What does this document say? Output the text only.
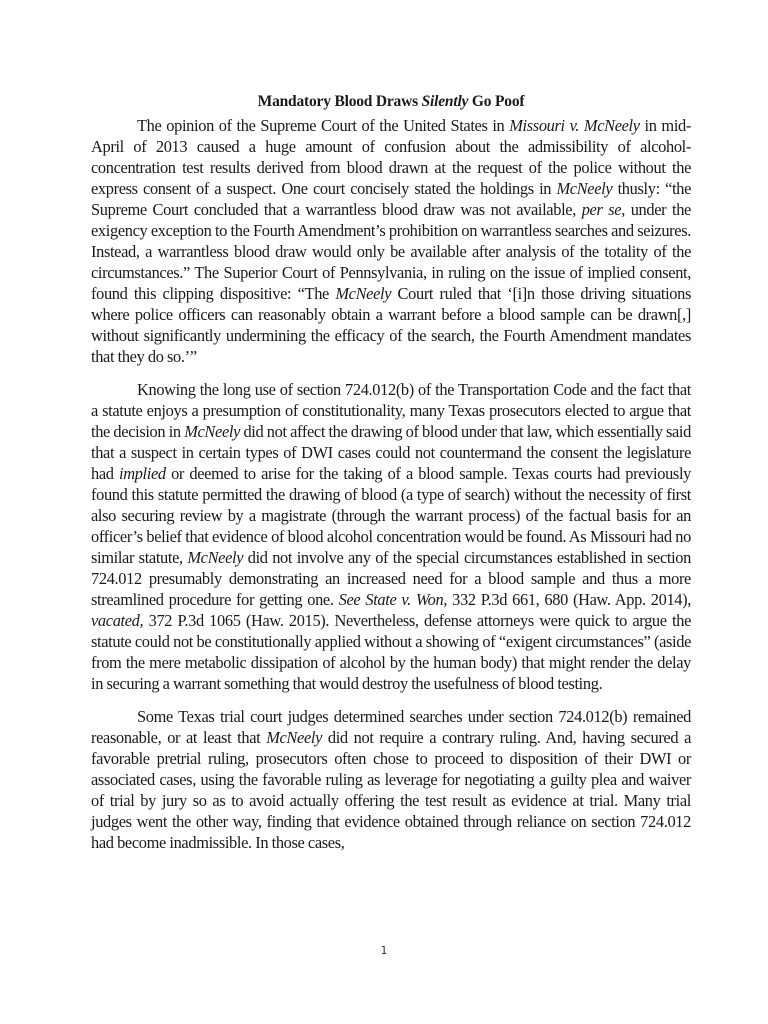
Mandatory Blood Draws Silently Go Poof

The opinion of the Supreme Court of the United States in Missouri v. McNeely in mid-April of 2013 caused a huge amount of confusion about the admissibility of alcohol-concentration test results derived from blood drawn at the request of the police without the express consent of a suspect. One court concisely stated the holdings in McNeely thusly: “the Supreme Court concluded that a warrantless blood draw was not available, per se, under the exigency exception to the Fourth Amendment’s prohibition on warrantless searches and seizures. Instead, a warrantless blood draw would only be available after analysis of the totality of the circumstances.” The Superior Court of Pennsylvania, in ruling on the issue of implied consent, found this clipping dispositive: “The McNeely Court ruled that ‘[i]n those driving situations where police officers can reasonably obtain a warrant before a blood sample can be drawn[,] without significantly undermining the efficacy of the search, the Fourth Amendment mandates that they do so.’”

Knowing the long use of section 724.012(b) of the Transportation Code and the fact that a statute enjoys a presumption of constitutionality, many Texas prosecutors elected to argue that the decision in McNeely did not affect the drawing of blood under that law, which essentially said that a suspect in certain types of DWI cases could not countermand the consent the legislature had implied or deemed to arise for the taking of a blood sample. Texas courts had previously found this statute permitted the drawing of blood (a type of search) without the necessity of first also securing review by a magistrate (through the warrant process) of the factual basis for an officer’s belief that evidence of blood alcohol concentration would be found. As Missouri had no similar statute, McNeely did not involve any of the special circumstances established in section 724.012 presumably demonstrating an increased need for a blood sample and thus a more streamlined procedure for getting one. See State v. Won, 332 P.3d 661, 680 (Haw. App. 2014), vacated, 372 P.3d 1065 (Haw. 2015). Nevertheless, defense attorneys were quick to argue the statute could not be constitutionally applied without a showing of “exigent circumstances” (aside from the mere metabolic dissipation of alcohol by the human body) that might render the delay in securing a warrant something that would destroy the usefulness of blood testing.

Some Texas trial court judges determined searches under section 724.012(b) remained reasonable, or at least that McNeely did not require a contrary ruling. And, having secured a favorable pretrial ruling, prosecutors often chose to proceed to disposition of their DWI or associated cases, using the favorable ruling as leverage for negotiating a guilty plea and waiver of trial by jury so as to avoid actually offering the test result as evidence at trial. Many trial judges went the other way, finding that evidence obtained through reliance on section 724.012 had become inadmissible. In those cases,

1
